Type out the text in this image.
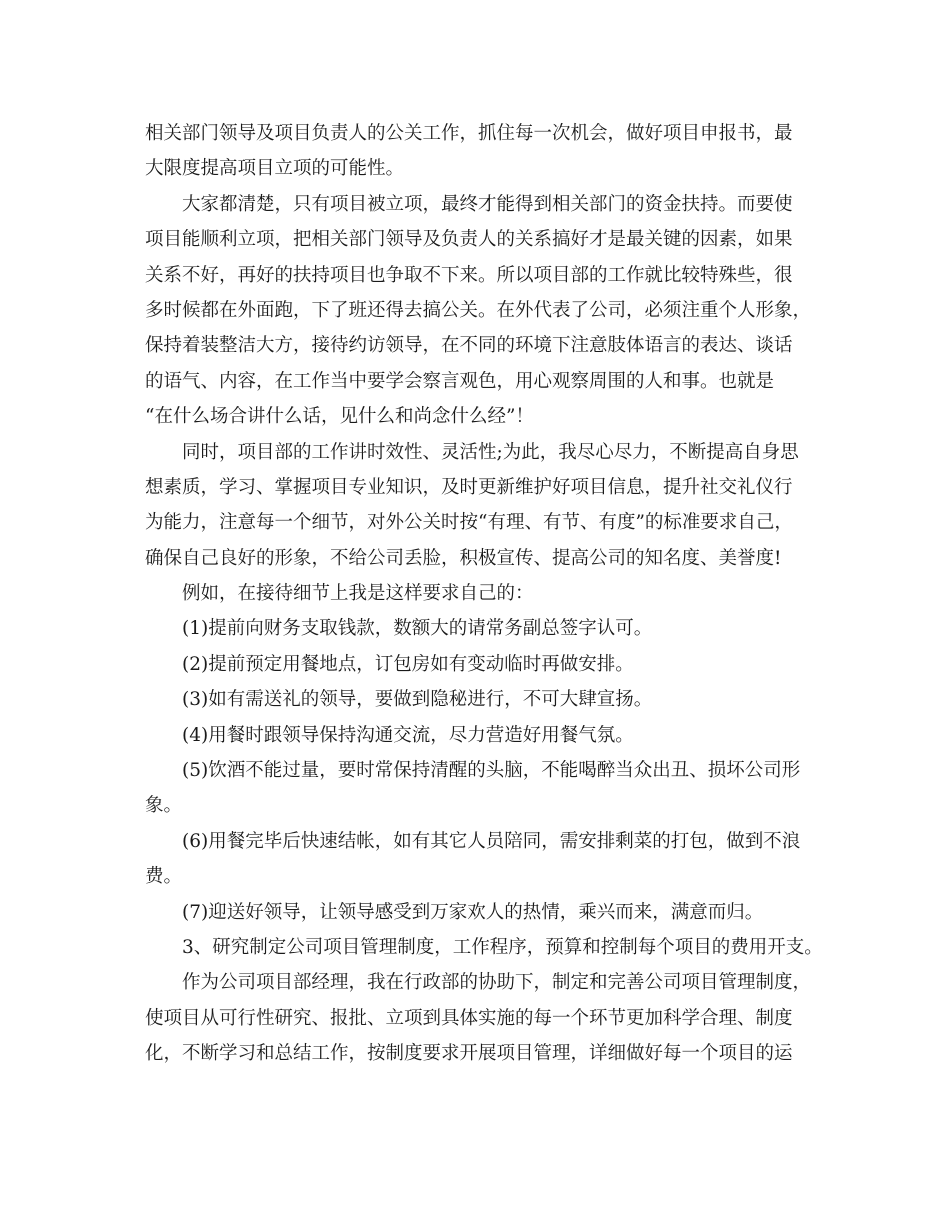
相关部门领导及项目负责人的公关工作，抓住每一次机会，做好项目申报书，最
大限度提高项目立项的可能性。
大家都清楚，只有项目被立项，最终才能得到相关部门的资金扶持。而要使
项目能顺利立项，把相关部门领导及负责人的关系搞好才是最关键的因素，如果
关系不好，再好的扶持项目也争取不下来。所以项目部的工作就比较特殊些，很
多时候都在外面跑，下了班还得去搞公关。在外代表了公司，必须注重个人形象，
保持着装整洁大方，接待约访领导，在不同的环境下注意肢体语言的表达、谈话
的语气、内容，在工作当中要学会察言观色，用心观察周围的人和事。也就是
“在什么场合讲什么话，见什么和尚念什么经”！
同时，项目部的工作讲时效性、灵活性;为此，我尽心尽力，不断提高自身思
想素质，学习、掌握项目专业知识，及时更新维护好项目信息，提升社交礼仪行
为能力，注意每一个细节，对外公关时按“有理、有节、有度”的标准要求自己，
确保自己良好的形象，不给公司丢脸，积极宣传、提高公司的知名度、美誉度!
例如，在接待细节上我是这样要求自己的：
(1)提前向财务支取钱款，数额大的请常务副总签字认可。
(2)提前预定用餐地点，订包房如有变动临时再做安排。
(3)如有需送礼的领导，要做到隐秘进行，不可大肆宣扬。
(4)用餐时跟领导保持沟通交流，尽力营造好用餐气氛。
(5)饮酒不能过量，要时常保持清醒的头脑，不能喝醉当众出丑、损坏公司形
象。
(6)用餐完毕后快速结帐，如有其它人员陪同，需安排剩菜的打包，做到不浪
费。
(7)迎送好领导，让领导感受到万家欢人的热情，乘兴而来，满意而归。
3、研究制定公司项目管理制度，工作程序，预算和控制每个项目的费用开支。
作为公司项目部经理，我在行政部的协助下，制定和完善公司项目管理制度，
使项目从可行性研究、报批、立项到具体实施的每一个环节更加科学合理、制度
化，不断学习和总结工作，按制度要求开展项目管理，详细做好每一个项目的运
